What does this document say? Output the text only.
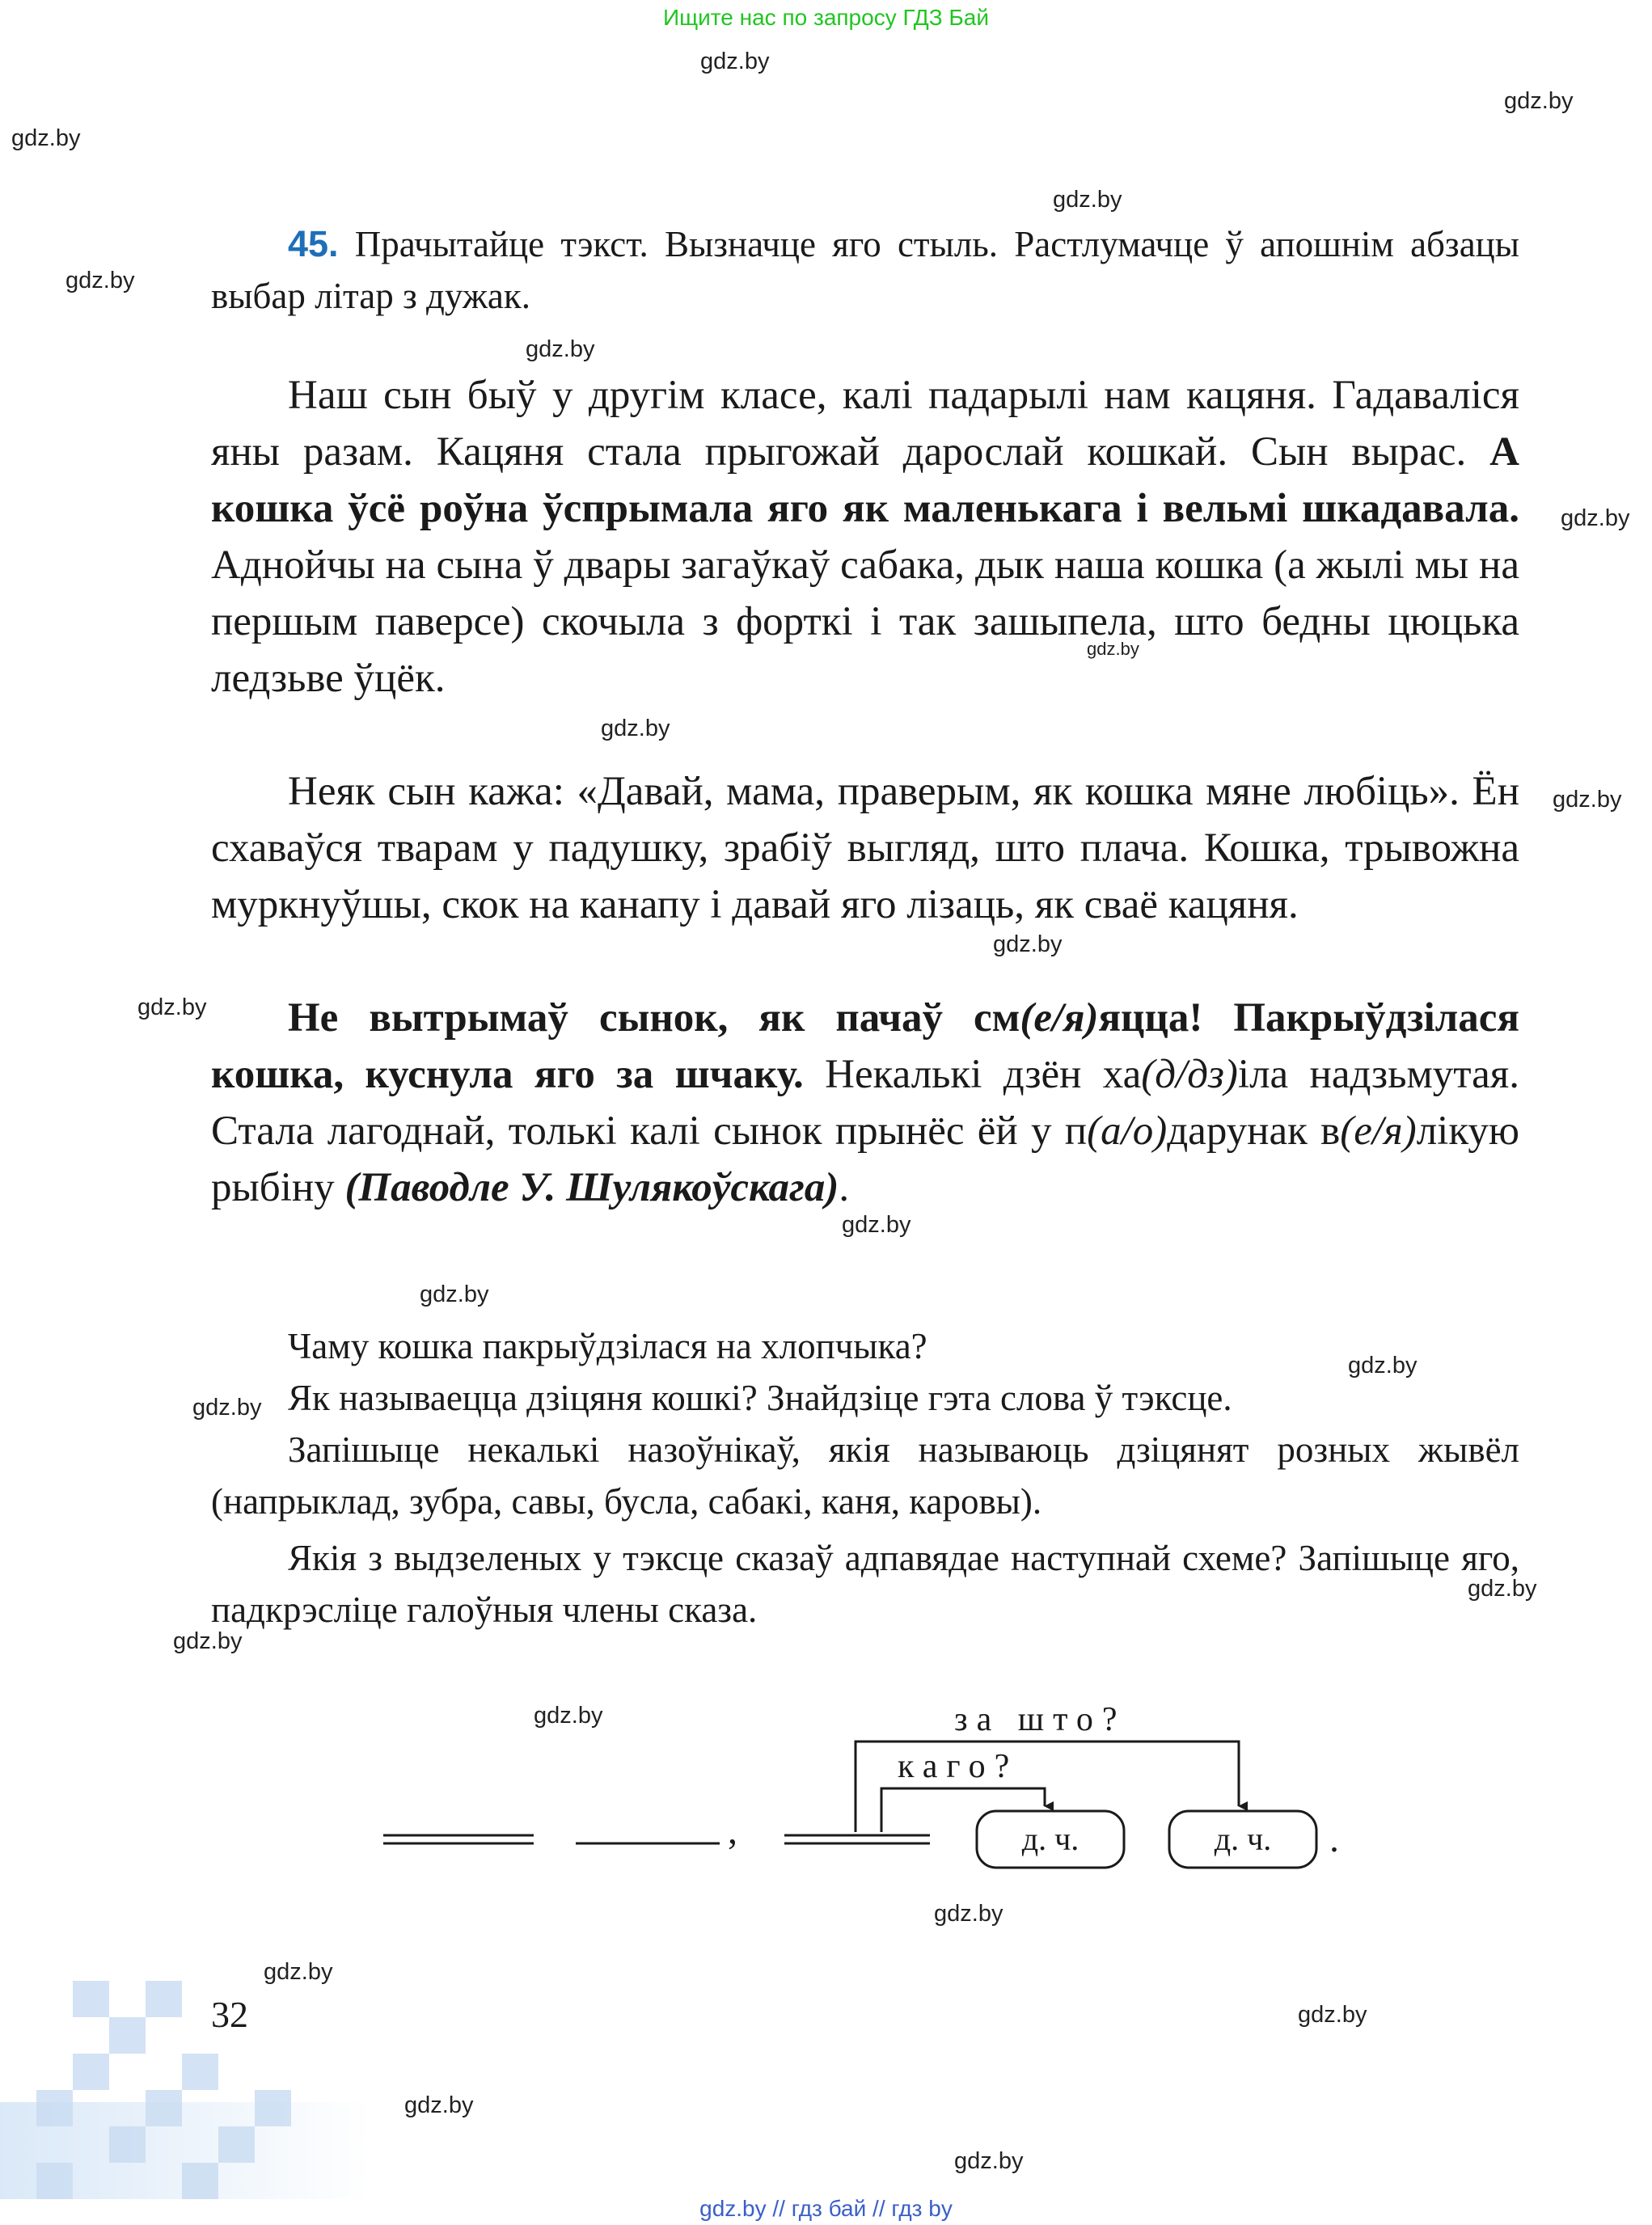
Ищите нас по запросу ГДЗ Бай
gdz.by
gdz.by
gdz.by
gdz.by
gdz.by
gdz.by
gdz.by
gdz.by
gdz.by
gdz.by
gdz.by
gdz.by
gdz.by
gdz.by
gdz.by
gdz.by
gdz.by
gdz.by
gdz.by
gdz.by
gdz.by
gdz.by
gdz.by
gdz.by

45. Прачытайце тэкст. Вызначце яго стыль. Растлумачце ў апошнім абзацы выбар літар з дужак.

Наш сын быў у другім класе, калі падарылі нам кацяня. Гадаваліся яны разам. Кацяня стала прыгожай дарослай кошкай. Сын вырас. А кошка ўсё роўна ўспрымала яго як маленькага і вельмі шкадавала. Аднойчы на сына ў двары загаўкаў сабака, дык наша кошка (а жылі мы на першым паверсе) скочыла з форткі і так зашыпела, што бедны цюцька ледзьве ўцёк.

Неяк сын кажа: «Давай, мама, праверым, як кошка мяне любіць». Ён схаваўся тварам у падушку, зрабіў выгляд, што плача. Кошка, трывожна муркнуўшы, скок на канапу і давай яго лізаць, як сваё кацяня.

Не вытрымаў сынок, як пачаў см(е/я)яцца! Пакрыўдзілася кошка, куснула яго за шчаку. Некалькі дзён ха(д/дз)іла надзьмутая. Стала лагоднай, толькі калі сынок прынёс ёй у п(а/о)дарунак в(е/я)лікую рыбіну (Паводле У. Шулякоўскага).

Чаму кошка пакрыўдзілася на хлопчыка?

Як называецца дзіцяня кошкі? Знайдзіце гэта слова ў тэксце.

Запішыце некалькі назоўнікаў, якія называюць дзіцянят розных жывёл (напрыклад, зубра, савы, бусла, сабакі, каня, каровы).

Якія з выдзеленых у тэксце сказаў адпавядае наступнай схеме? Запішыце яго, падкрэсліце галоўныя члены сказа.

,
за што?
каго?
д. ч.	д. ч. .
32
gdz.by // гдз бай // гдз by
